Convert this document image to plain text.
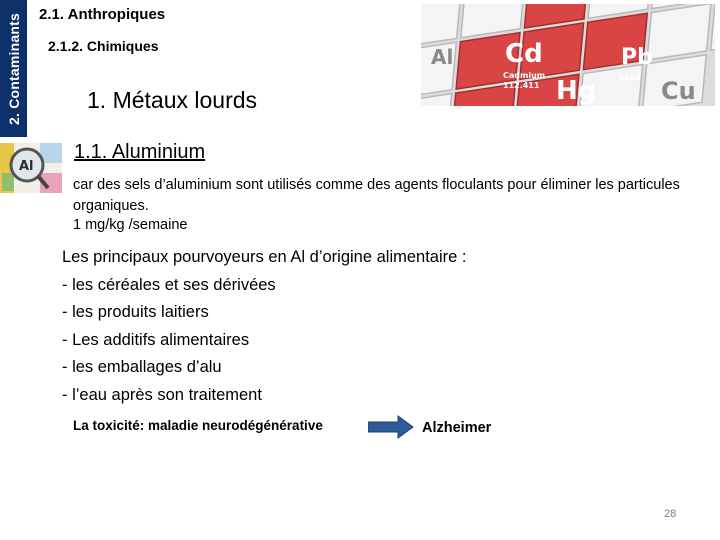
2. Contaminants 2.1. Anthropiques
2.1.2. Chimiques
1. Métaux lourds
1.1. Aluminium
Cd
Cadmium
112.411 Hg
Pb
Lead Cu
Al
Al
car des sels d’aluminium sont utilisés comme des agents floculants pour éliminer les particules organiques.
1 mg/kg /semaine
Les principaux pourvoyeurs en Al d’origine alimentaire :
- les céréales et ses dérivées
- les produits laitiers
- Les additifs alimentaires
- les emballages d’alu
- l’eau après son traitement
La toxicité: maladie neurodégénérative	Alzheimer
28
